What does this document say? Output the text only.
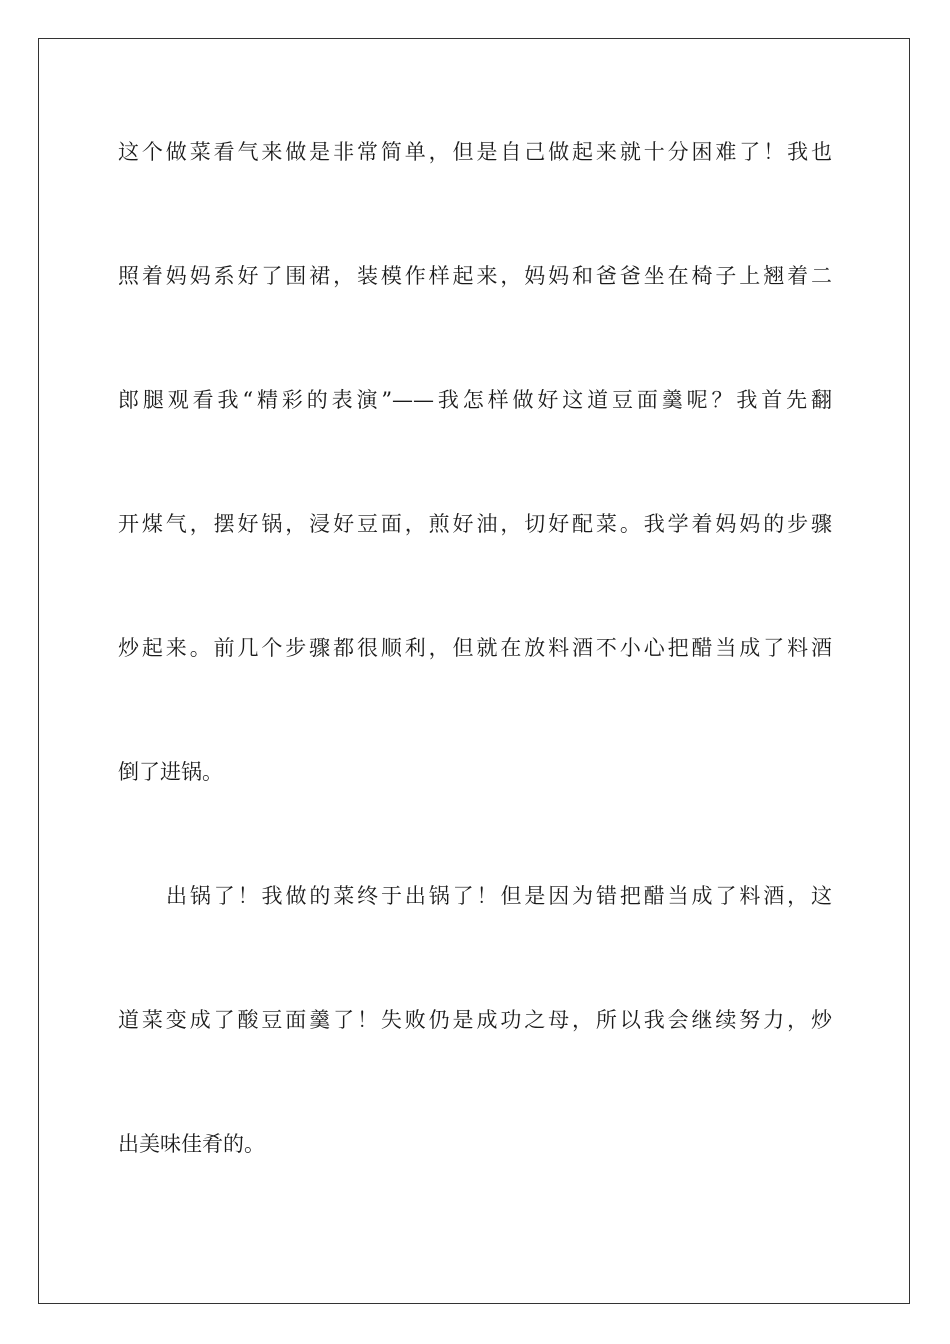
这个做菜看气来做是非常简单，但是自己做起来就十分困难了！我也

照着妈妈系好了围裙，装模作样起来，妈妈和爸爸坐在椅子上翘着二

郎腿观看我“精彩的表演”——我怎样做好这道豆面羹呢？我首先翻

开煤气，摆好锅，浸好豆面，煎好油，切好配菜。我学着妈妈的步骤

炒起来。前几个步骤都很顺利，但就在放料酒不小心把醋当成了料酒

倒了进锅。

出锅了！我做的菜终于出锅了！但是因为错把醋当成了料酒，这

道菜变成了酸豆面羹了！失败仍是成功之母，所以我会继续努力，炒

出美味佳肴的。
